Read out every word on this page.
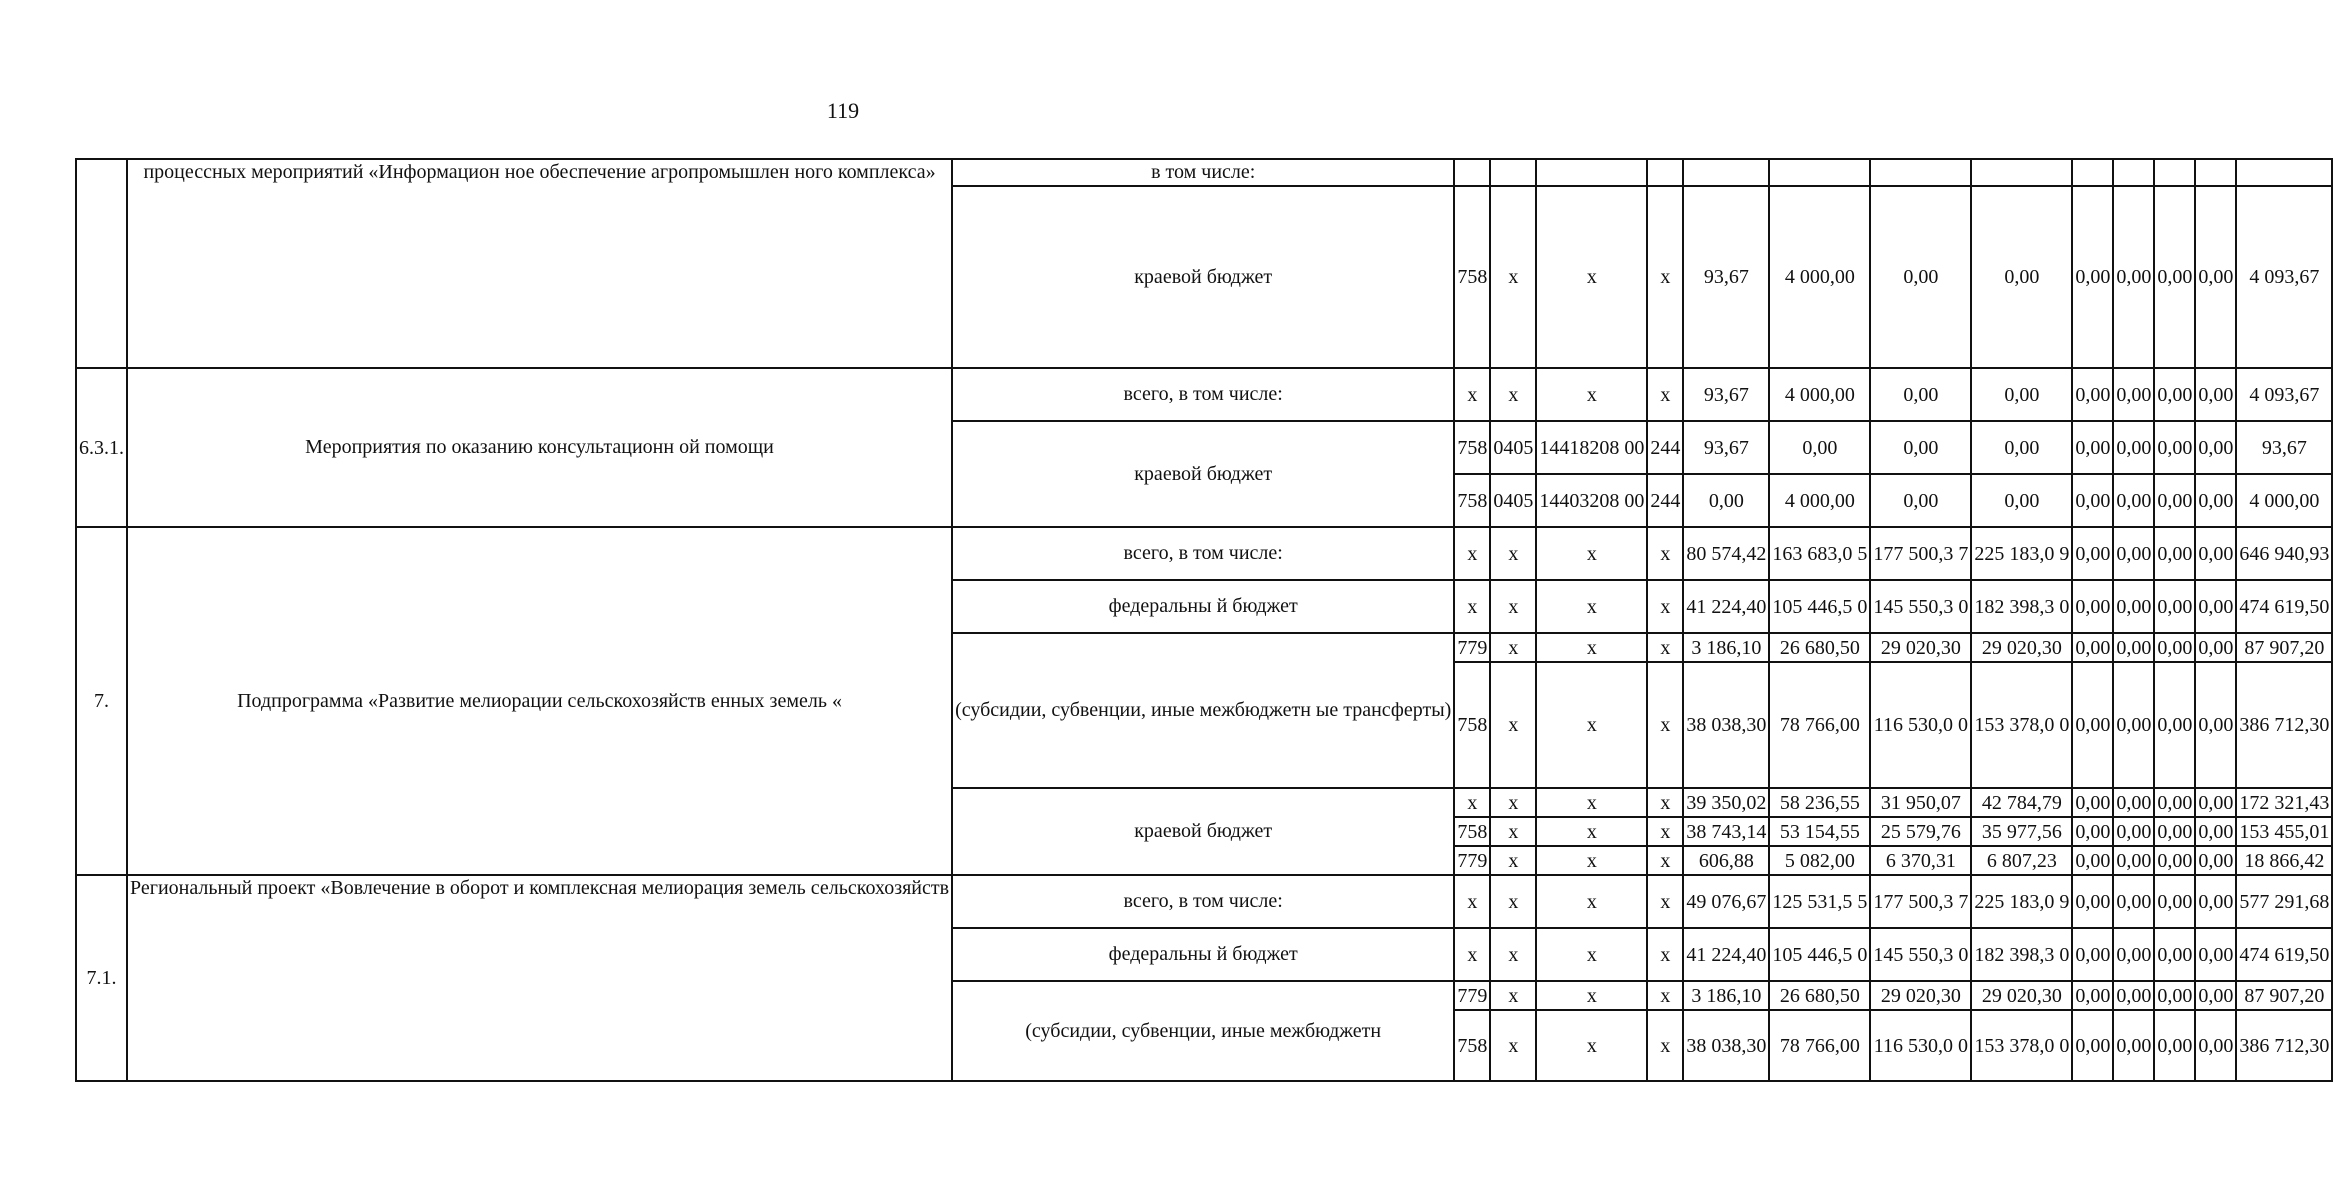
119
	процессных мероприятий «Информацион ное обеспечение агропромышлен ного комплекса»	в том числе:													
		краевой бюджет	758	х	х	х	93,67	4 000,00	0,00	0,00	0,00	0,00	0,00	0,00	4 093,67
6.3.1.	Мероприятия по оказанию консультационн ой помощи	всего, в том числе:	х	х	х	х	93,67	4 000,00	0,00	0,00	0,00	0,00	0,00	0,00	4 093,67
		краевой бюджет	758	0405	14418208 00	244	93,67	0,00	0,00	0,00	0,00	0,00	0,00	0,00	93,67
			758	0405	14403208 00	244	0,00	4 000,00	0,00	0,00	0,00	0,00	0,00	0,00	4 000,00
7.	Подпрограмма «Развитие мелиорации сельскохозяйств енных земель «	всего, в том числе:	х	х	х	х	80 574,42	163 683,0 5	177 500,3 7	225 183,0 9	0,00	0,00	0,00	0,00	646 940,93
		федеральны й бюджет	х	х	х	х	41 224,40	105 446,5 0	145 550,3 0	182 398,3 0	0,00	0,00	0,00	0,00	474 619,50
		(субсидии, субвенции, иные межбюджетн ые трансферты)	779	х	х	х	3 186,10	26 680,50	29 020,30	29 020,30	0,00	0,00	0,00	0,00	87 907,20
			758	х	х	х	38 038,30	78 766,00	116 530,0 0	153 378,0 0	0,00	0,00	0,00	0,00	386 712,30
		краевой бюджет	х	х	х	х	39 350,02	58 236,55	31 950,07	42 784,79	0,00	0,00	0,00	0,00	172 321,43
			758	х	х	х	38 743,14	53 154,55	25 579,76	35 977,56	0,00	0,00	0,00	0,00	153 455,01
			779	х	х	х	606,88	5 082,00	6 370,31	6 807,23	0,00	0,00	0,00	0,00	18 866,42
7.1.	Региональный проект «Вовлечение в оборот и комплексная мелиорация земель сельскохозяйств	всего, в том числе:	х	х	х	х	49 076,67	125 531,5 5	177 500,3 7	225 183,0 9	0,00	0,00	0,00	0,00	577 291,68
		федеральны й бюджет	х	х	х	х	41 224,40	105 446,5 0	145 550,3 0	182 398,3 0	0,00	0,00	0,00	0,00	474 619,50
		(субсидии, субвенции, иные межбюджетн	779	х	х	х	3 186,10	26 680,50	29 020,30	29 020,30	0,00	0,00	0,00	0,00	87 907,20
			758	х	х	х	38 038,30	78 766,00	116 530,0 0	153 378,0 0	0,00	0,00	0,00	0,00	386 712,30
